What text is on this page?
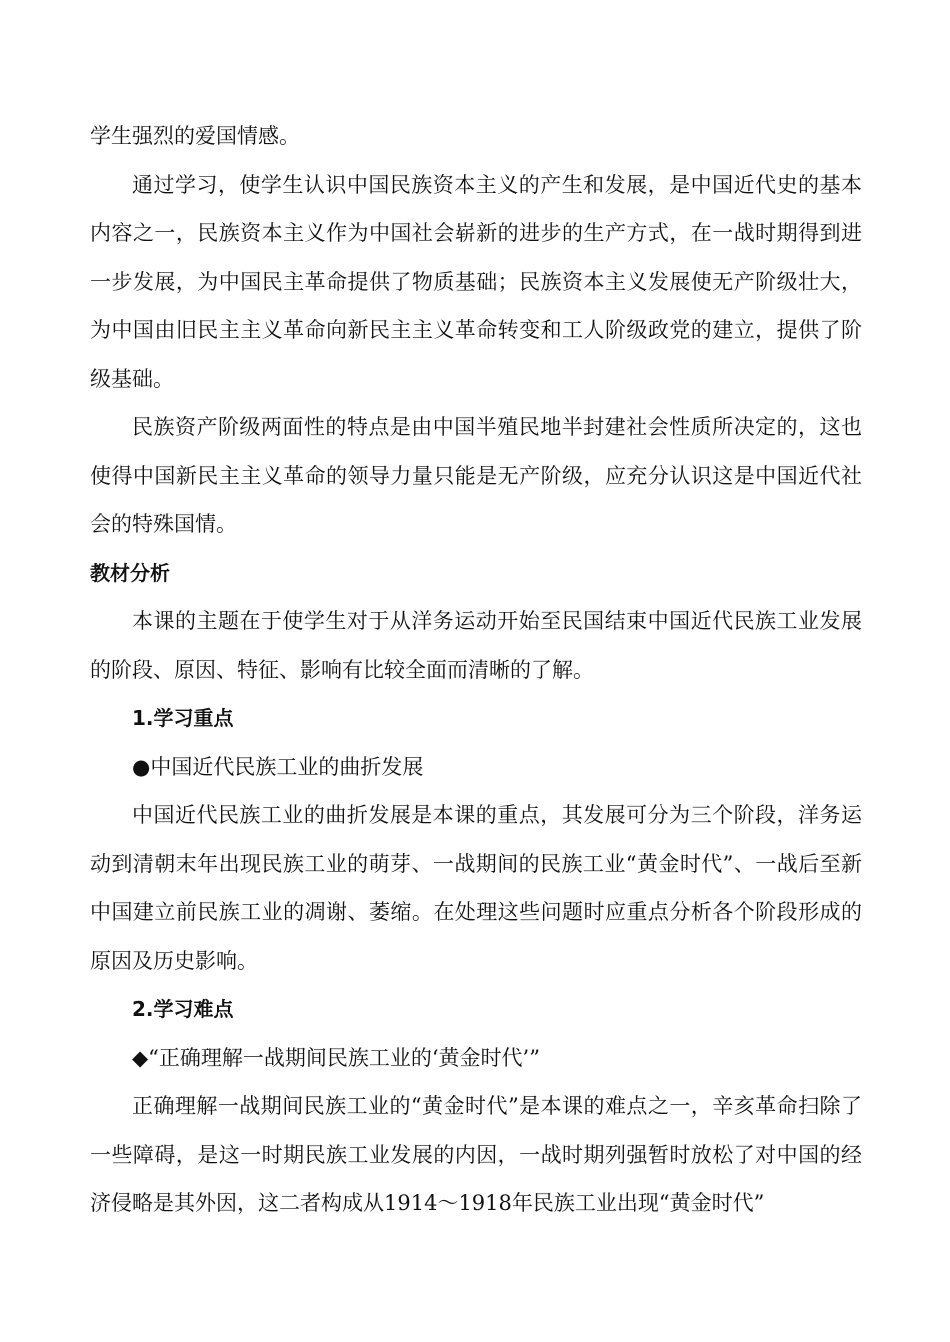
学生强烈的爱国情感。

通过学习，使学生认识中国民族资本主义的产生和发展，是中国近代史的基本内容之一，民族资本主义作为中国社会崭新的进步的生产方式，在一战时期得到进一步发展，为中国民主革命提供了物质基础；民族资本主义发展使无产阶级壮大，为中国由旧民主主义革命向新民主主义革命转变和工人阶级政党的建立，提供了阶级基础。

民族资产阶级两面性的特点是由中国半殖民地半封建社会性质所决定的，这也使得中国新民主主义革命的领导力量只能是无产阶级，应充分认识这是中国近代社会的特殊国情。

教材分析

本课的主题在于使学生对于从洋务运动开始至民国结束中国近代民族工业发展的阶段、原因、特征、影响有比较全面而清晰的了解。

1.学习重点

●中国近代民族工业的曲折发展

中国近代民族工业的曲折发展是本课的重点，其发展可分为三个阶段，洋务运动到清朝末年出现民族工业的萌芽、一战期间的民族工业“黄金时代”、一战后至新中国建立前民族工业的凋谢、萎缩。在处理这些问题时应重点分析各个阶段形成的原因及历史影响。

2.学习难点

◆“正确理解一战期间民族工业的‘黄金时代’”

正确理解一战期间民族工业的“黄金时代”是本课的难点之一，辛亥革命扫除了一些障碍，是这一时期民族工业发展的内因，一战时期列强暂时放松了对中国的经济侵略是其外因，这二者构成从1914～1918年民族工业出现“黄金时代”
